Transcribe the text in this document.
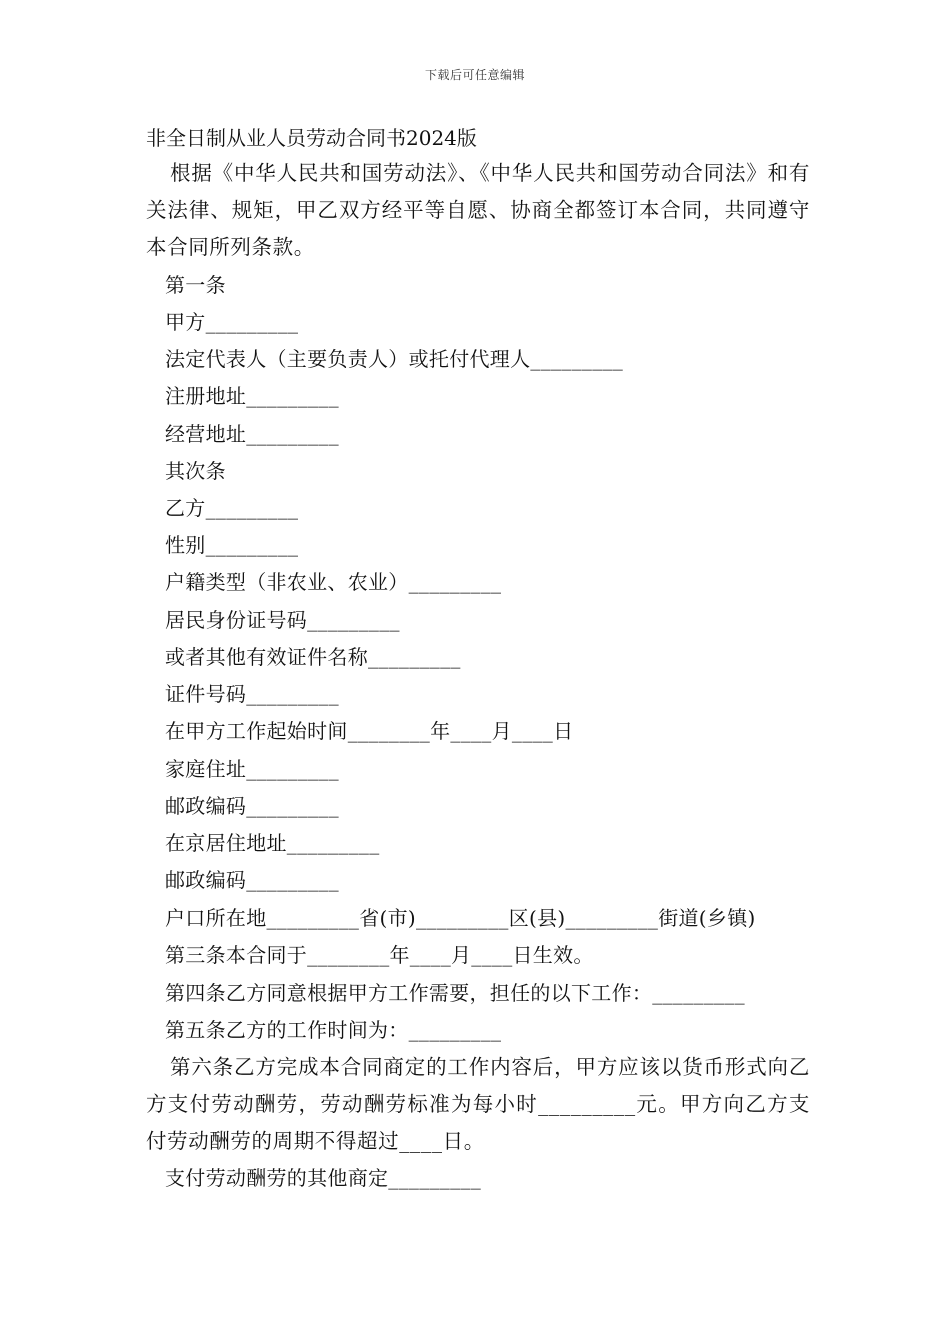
下载后可任意编辑
非全日制从业人员劳动合同书2024版
根据《中华人民共和国劳动法》、《中华人民共和国劳动合同法》和有关法律、规矩，甲乙双方经平等自愿、协商全都签订本合同，共同遵守本合同所列条款。
第一条
甲方_________
法定代表人（主要负责人）或托付代理人_________
注册地址_________
经营地址_________
其次条
乙方_________
性别_________
户籍类型（非农业、农业）_________
居民身份证号码_________
或者其他有效证件名称_________
证件号码_________
在甲方工作起始时间________年____月____日
家庭住址_________
邮政编码_________
在京居住地址_________
邮政编码_________
户口所在地_________省(市)_________区(县)_________街道(乡镇)
第三条本合同于________年____月____日生效。
第四条乙方同意根据甲方工作需要，担任的以下工作：_________
第五条乙方的工作时间为：_________
第六条乙方完成本合同商定的工作内容后，甲方应该以货币形式向乙方支付劳动酬劳，劳动酬劳标准为每小时_________元。甲方向乙方支付劳动酬劳的周期不得超过____日。
支付劳动酬劳的其他商定_________
